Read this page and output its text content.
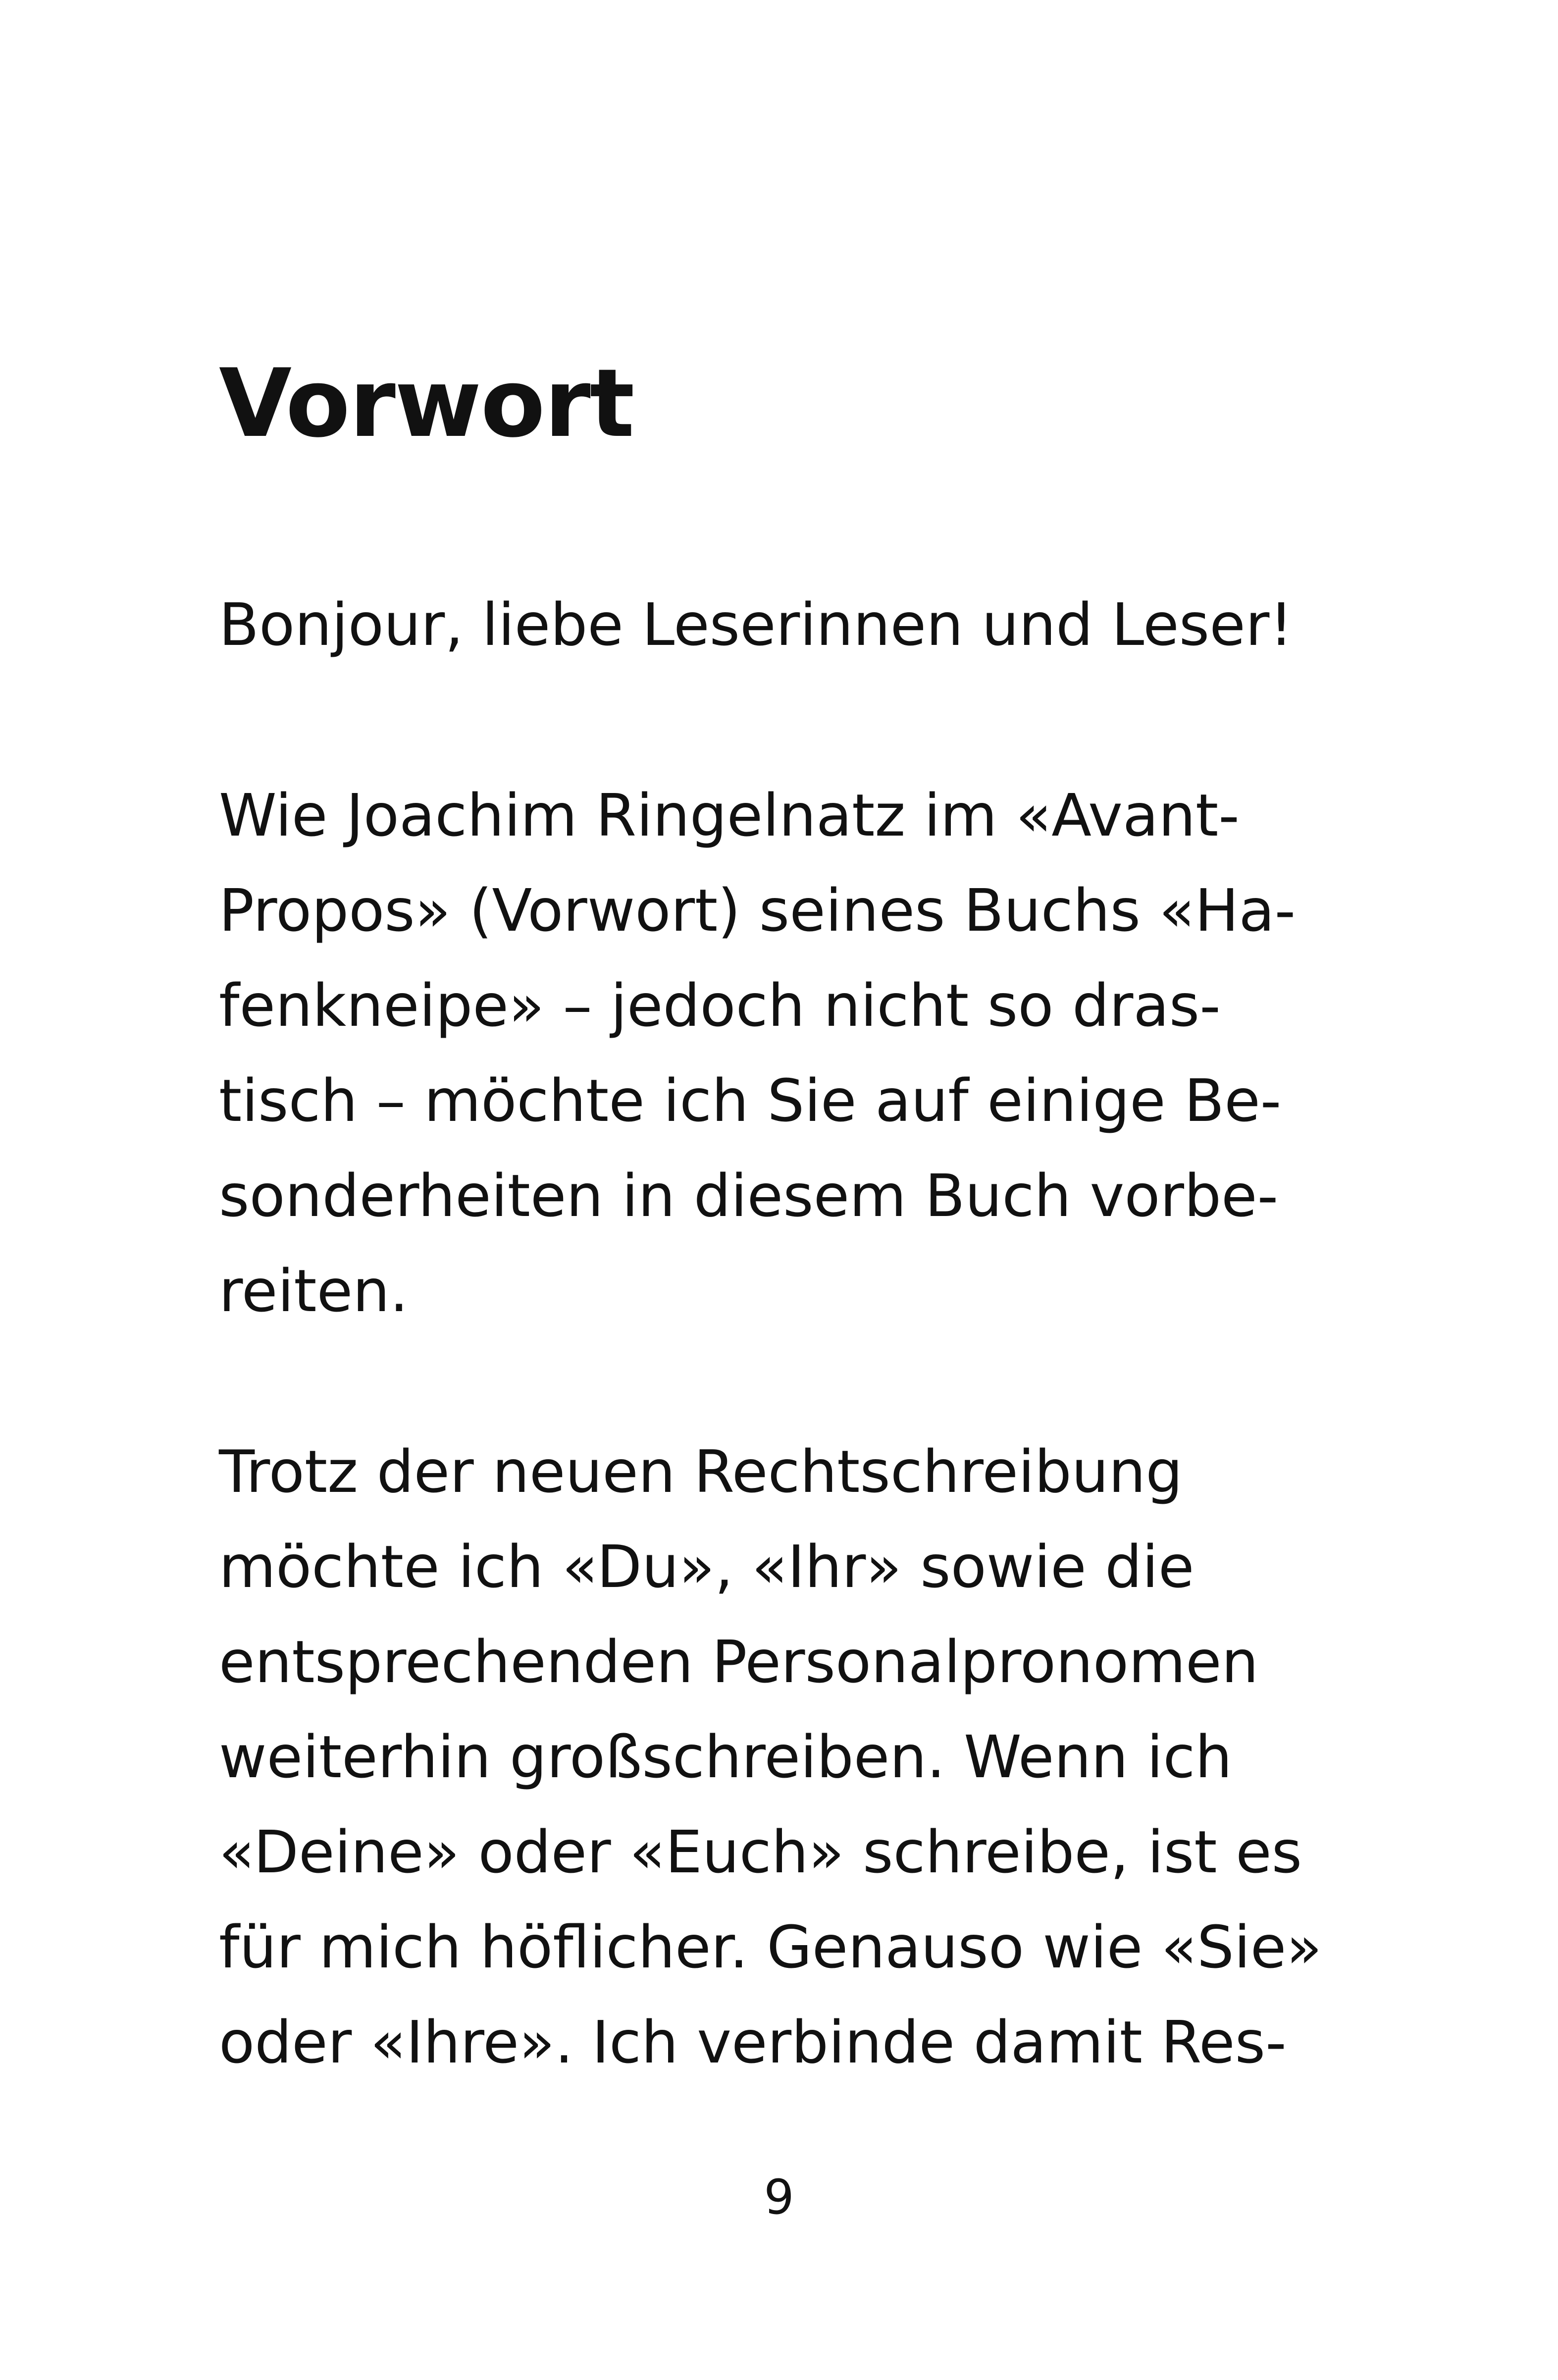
Vorwort

Bonjour, liebe Leserinnen und Leser!

Wie Joachim Ringelnatz im «Avant-
Propos» (Vorwort) seines Buchs «Ha-
fenkneipe» – jedoch nicht so dras-
tisch – möchte ich Sie auf einige Be-
sonderheiten in diesem Buch vorbe-
reiten.

Trotz der neuen Rechtschreibung
möchte ich «Du», «Ihr» sowie die
entsprechenden Personalpronomen
weiterhin großschreiben. Wenn ich
«Deine» oder «Euch» schreibe, ist es
für mich höflicher. Genauso wie «Sie»
oder «Ihre». Ich verbinde damit Res-

9
